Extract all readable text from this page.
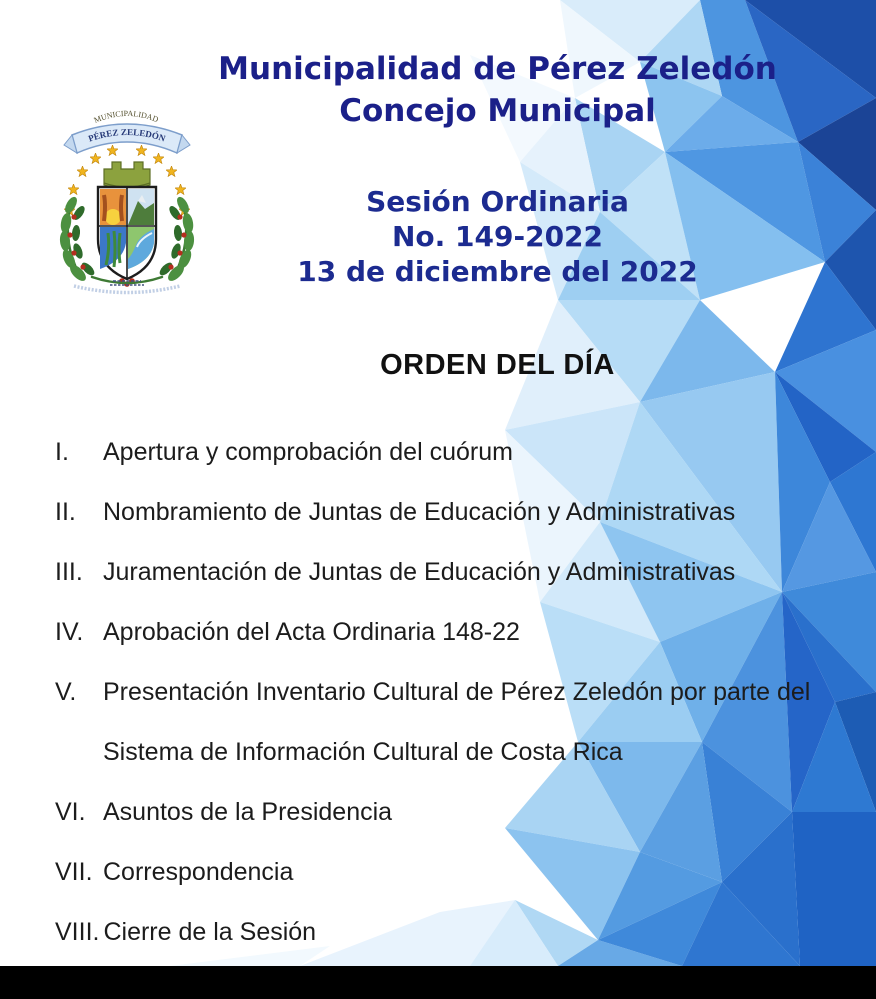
MUNICIPALIDAD
PÉREZ ZELEDÓN
Municipalidad de Pérez Zeledón
Concejo Municipal
Sesión Ordinaria
No. 149-2022
13 de diciembre del 2022
ORDEN DEL DÍA
I.	Apertura y comprobación del cuórum
II.	Nombramiento de Juntas de Educación y Administrativas
III. Juramentación de Juntas de Educación y Administrativas
IV. Aprobación del Acta Ordinaria 148-22
V.	Presentación Inventario Cultural de Pérez Zeledón por parte del
Sistema de Información Cultural de Costa Rica
VI. Asuntos de la Presidencia
VII. Correspondencia
VIII. Cierre de la Sesión
